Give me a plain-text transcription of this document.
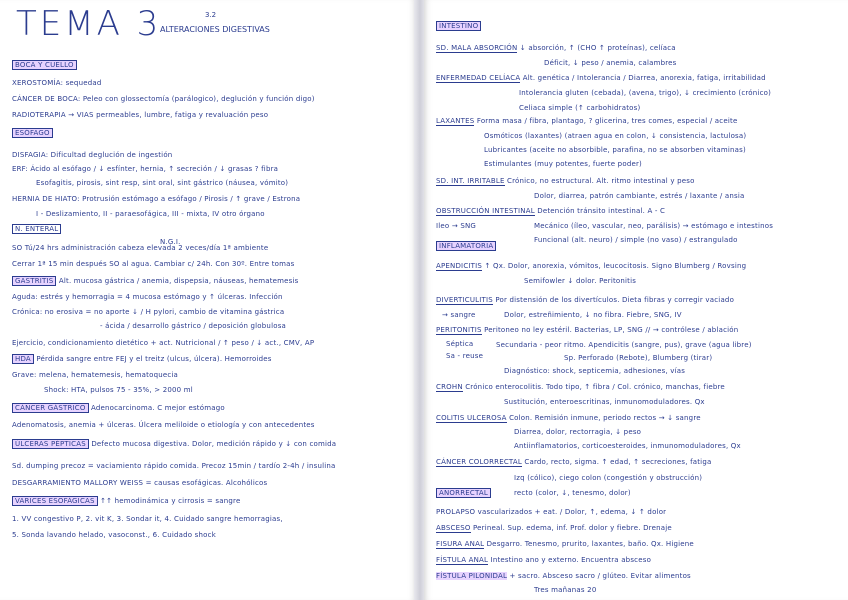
TEMA 3	3.2
ALTERACIONES DIGESTIVAS
BOCA Y CUELLO
XEROSTOMÍA: sequedad
CÁNCER DE BOCA: Peleo con glossectomía (parálogico), deglución y función digo)
RADIOTERAPIA → VIAS permeables, lumbre, fatiga y revaluación peso
ESÓFAGO
DISFAGIA: Dificultad deglución de ingestión
ERF: Ácido al esófago / ↓ esfínter, hernia, ↑ secreción / ↓ grasas ? fibra
Esofagitis, pirosis, sint resp, sint oral, sint gástrico (náusea, vómito)
HERNIA DE HIATO: Protrusión estómago a esófago / Pirosis / ↑ grave / Estrona
I - Deslizamiento, II - paraesofágica, III - mixta, IV otro órgano
N. ENTERAL
N.G.I.
SO Tú/24 hrs administración cabeza elevada 2 veces/día 1ª ambiente
Cerrar 1ª 15 min después SO al agua. Cambiar c/ 24h. Con 30º. Entre tomas
GASTRITIS Alt. mucosa gástrica / anemia, dispepsia, náuseas, hematemesis
Aguda: estrés y hemorragia = 4 mucosa estómago y ↑ úlceras. Infección
Crónica: no erosiva = no aporte ↓ / H pylori, cambio de vitamina gástrica
- ácida / desarrollo gástrico / deposición globulosa
Ejercicio, condicionamiento dietético + act. Nutricional / ↑ peso / ↓ act., CMV, AP
HDA Pérdida sangre entre FEJ y el treitz (ulcus, úlcera). Hemorroides
Grave: melena, hematemesis, hematoquecia
Shock: HTA, pulsos 75 - 35%, > 2000 ml
CÁNCER GÁSTRICO Adenocarcinoma. C mejor estómago
Adenomatosis, anemia + úlceras. Úlcera meliloide o etiología y con antecedentes
ÚLCERAS PÉPTICAS Defecto mucosa digestiva. Dolor, medición rápido y ↓ con comida
Sd. dumping precoz = vaciamiento rápido comida. Precoz 15min / tardío 2-4h / insulina
DESGARRAMIENTO MALLORY WEISS = causas esofágicas. Alcohólicos
VARICES ESOFÁGICAS ↑↑ hemodinámica y cirrosis = sangre
1. VV congestivo P, 2. vit K, 3. Sondar it, 4. Cuidado sangre hemorragias,
5. Sonda lavando helado, vasoconst., 6. Cuidado shock
INTESTINO
SD. MALA ABSORCIÓN ↓ absorción, ↑ (CHO ↑ proteínas), celíaca
Déficit, ↓ peso / anemia, calambres
ENFERMEDAD CELÍACA Alt. genética / Intolerancia / Diarrea, anorexia, fatiga, irritabilidad
Intolerancia gluten (cebada), (avena, trigo), ↓ crecimiento (crónico)
Celiaca simple (↑ carbohidratos)
LAXANTES Forma masa / fibra, plantago, ? glicerina, tres comes, especial / aceite
Osmóticos (laxantes) (atraen agua en colon, ↓ consistencia, lactulosa)
Lubricantes (aceite no absorbible, parafina, no se absorben vitaminas)
Estimulantes (muy potentes, fuerte poder)
SD. INT. IRRITABLE Crónico, no estructural. Alt. ritmo intestinal y peso
Dolor, diarrea, patrón cambiante, estrés / laxante / ansia
OBSTRUCCIÓN INTESTINAL Detención tránsito intestinal. A - C
Mecánico (íleo, vascular, neo, parálisis) → estómago e intestinos
Ileo → SNG
Funcional (alt. neuro) / simple (no vaso) / estrangulado
INFLAMATORIA
APENDICITIS ↑ Qx. Dolor, anorexia, vómitos, leucocitosis. Signo Blumberg / Rovsing
Semifowler ↓ dolor. Peritonitis
DIVERTICULITIS Por distensión de los divertículos. Dieta fibras y corregir vaciado
→ sangre	Dolor, estreñimiento, ↓ no fibra. Fiebre, SNG, IV
PERITONITIS Peritoneo no ley estéril. Bacterias, LP, SNG // → contrólese / ablación
Séptica	Secundaria - peor ritmo. Apendicitis (sangre, pus), grave (agua libre)
Sa - reuse	Sp. Perforado (Rebote), Blumberg (tirar)
Diagnóstico: shock, septicemia, adhesiones, vías
CROHN Crónico enterocolitis. Todo tipo, ↑ fibra / Col. crónico, manchas, fiebre
Sustitución, enteroescritinas, inmunomoduladores. Qx
COLITIS ULCEROSA Colon. Remisión inmune, periodo rectos → ↓ sangre
Diarrea, dolor, rectorragia, ↓ peso
Antiinflamatorios, corticoesteroides, inmunomoduladores, Qx
CÁNCER COLORRECTAL Cardo, recto, sigma. ↑ edad, ↑ secreciones, fatiga
Izq (cólico), ciego colon (congestión y obstrucción)
recto (color, ↓, tenesmo, dolor)
ANORRECTAL
PROLAPSO vascularizados + eat. / Dolor, ↑, edema, ↓ ↑ dolor
ABSCESO Perineal. Sup. edema, inf. Prof. dolor y fiebre. Drenaje
FISURA ANAL Desgarro. Tenesmo, prurito, laxantes, baño. Qx. Higiene
FÍSTULA ANAL Intestino ano y externo. Encuentra absceso
FÍSTULA PILONIDAL + sacro. Absceso sacro / glúteo. Evitar alimentos
Tres mañanas 20
